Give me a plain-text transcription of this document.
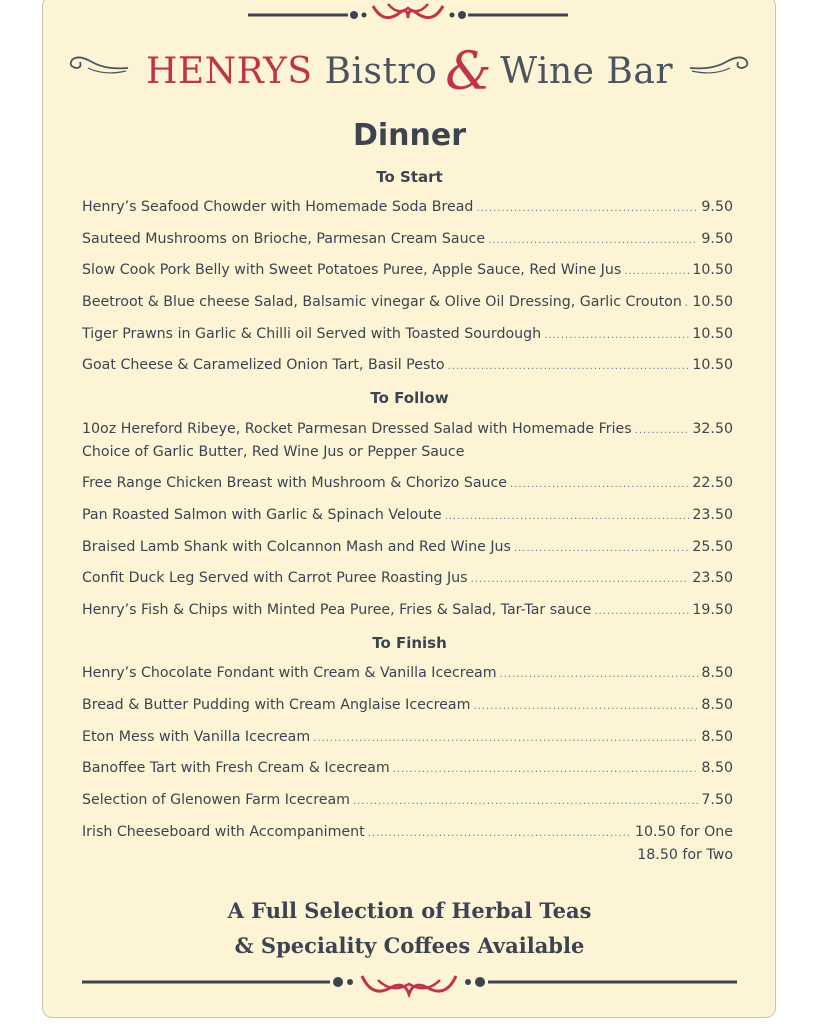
HENRYS Bistro & Wine Bar
Dinner
To Start
Henry’s Seafood Chowder with Homemade Soda Bread .....	9.50
Sauteed Mushrooms on Brioche, Parmesan Cream Sauce .....	9.50
Slow Cook Pork Belly with Sweet Potatoes Puree, Apple Sauce, Red Wine Jus .....	10.50
Beetroot & Blue cheese Salad, Balsamic vinegar & Olive Oil Dressing, Garlic Crouton ..... 10.50
Tiger Prawns in Garlic & Chilli oil Served with Toasted Sourdough .....	10.50
Goat Cheese & Caramelized Onion Tart, Basil Pesto .....	10.50
To Follow
10oz Hereford Ribeye, Rocket Parmesan Dressed Salad with Homemade Fries .....	32.50
Choice of Garlic Butter, Red Wine Jus or Pepper Sauce
Free Range Chicken Breast with Mushroom & Chorizo Sauce .....	22.50
Pan Roasted Salmon with Garlic & Spinach Veloute .....	23.50
Braised Lamb Shank with Colcannon Mash and Red Wine Jus .....	25.50
Confit Duck Leg Served with Carrot Puree Roasting Jus .....	23.50
Henry’s Fish & Chips with Minted Pea Puree, Fries & Salad, Tar-Tar sauce .....	19.50
To Finish
Henry’s Chocolate Fondant with Cream & Vanilla Icecream .....	8.50
Bread & Butter Pudding with Cream Anglaise Icecream .....	8.50
Eton Mess with Vanilla Icecream .....	8.50
Banoffee Tart with Fresh Cream & Icecream .....	8.50
Selection of Glenowen Farm Icecream .....	7.50
Irish Cheeseboard with Accompaniment .....	10.50 for One
18.50 for Two
A Full Selection of Herbal Teas
& Speciality Coffees Available
